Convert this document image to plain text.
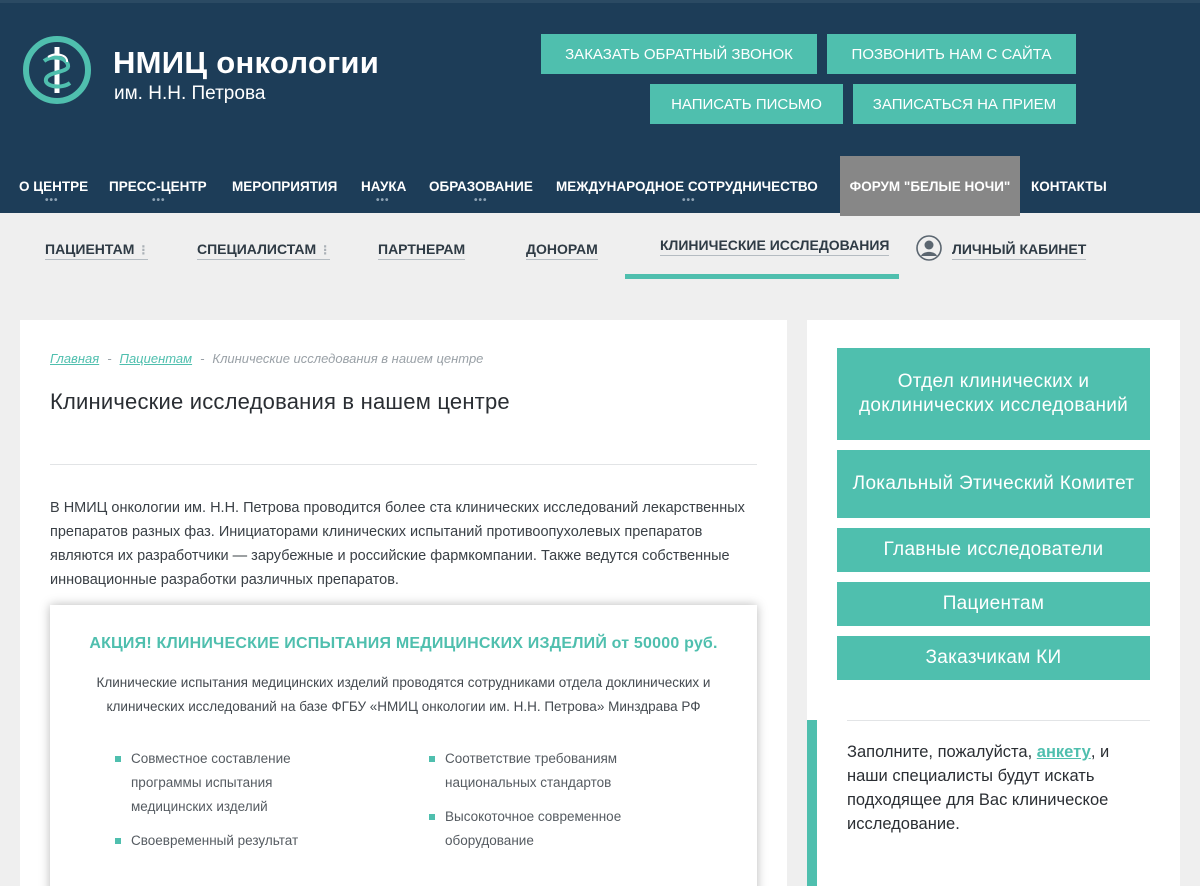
НМИЦ онкологии
им. Н.Н. Петрова
ЗАКАЗАТЬ ОБРАТНЫЙ ЗВОНОК	ПОЗВОНИТЬ НАМ С САЙТА
НАПИСАТЬ ПИСЬМО	ЗАПИСАТЬСЯ НА ПРИЕМ
О ЦЕНТРЕ
•••
ПРЕСС-ЦЕНТР
•••
МЕРОПРИЯТИЯ НАУКА
•••
ОБРАЗОВАНИЕ
•••
МЕЖДУНАРОДНОЕ СОТРУДНИЧЕСТВО
•••
ФОРУМ "БЕЛЫЕ НОЧИ" КОНТАКТЫ
ПАЦИЕНТАМ ⋮	СПЕЦИАЛИСТАМ ⋮	ПАРТНЕРАМ	ДОНОРАМ	КЛИНИЧЕСКИЕ ИССЛЕДОВАНИЯ	ЛИЧНЫЙ КАБИНЕТ
Главная - Пациентам - Клинические исследования в нашем центре
Клинические исследования в нашем центре

В НМИЦ онкологии им. Н.Н. Петрова проводится более ста клинических исследований лекарственных препаратов разных фаз. Инициаторами клинических испытаний противоопухолевых препаратов являются их разработчики — зарубежные и российские фармкомпании. Также ведутся собственные инновационные разработки различных препаратов.

АКЦИЯ! КЛИНИЧЕСКИЕ ИСПЫТАНИЯ МЕДИЦИНСКИХ ИЗДЕЛИЙ от 50000 руб.
Клинические испытания медицинских изделий проводятся сотрудниками отдела доклинических и клинических исследований на базе ФГБУ «НМИЦ онкологии им. Н.Н. Петрова» Минздрава РФ
Совместное составление программы испытания медицинских изделий
Своевременный результат
Соответствие требованиям национальных стандартов
Высокоточное современное оборудование
Отдел клинических и доклинических исследований
Локальный Этический Комитет
Главные исследователи
Пациентам
Заказчикам КИ

Заполните, пожалуйста, анкету, и наши специалисты будут искать подходящее для Вас клиническое исследование.
